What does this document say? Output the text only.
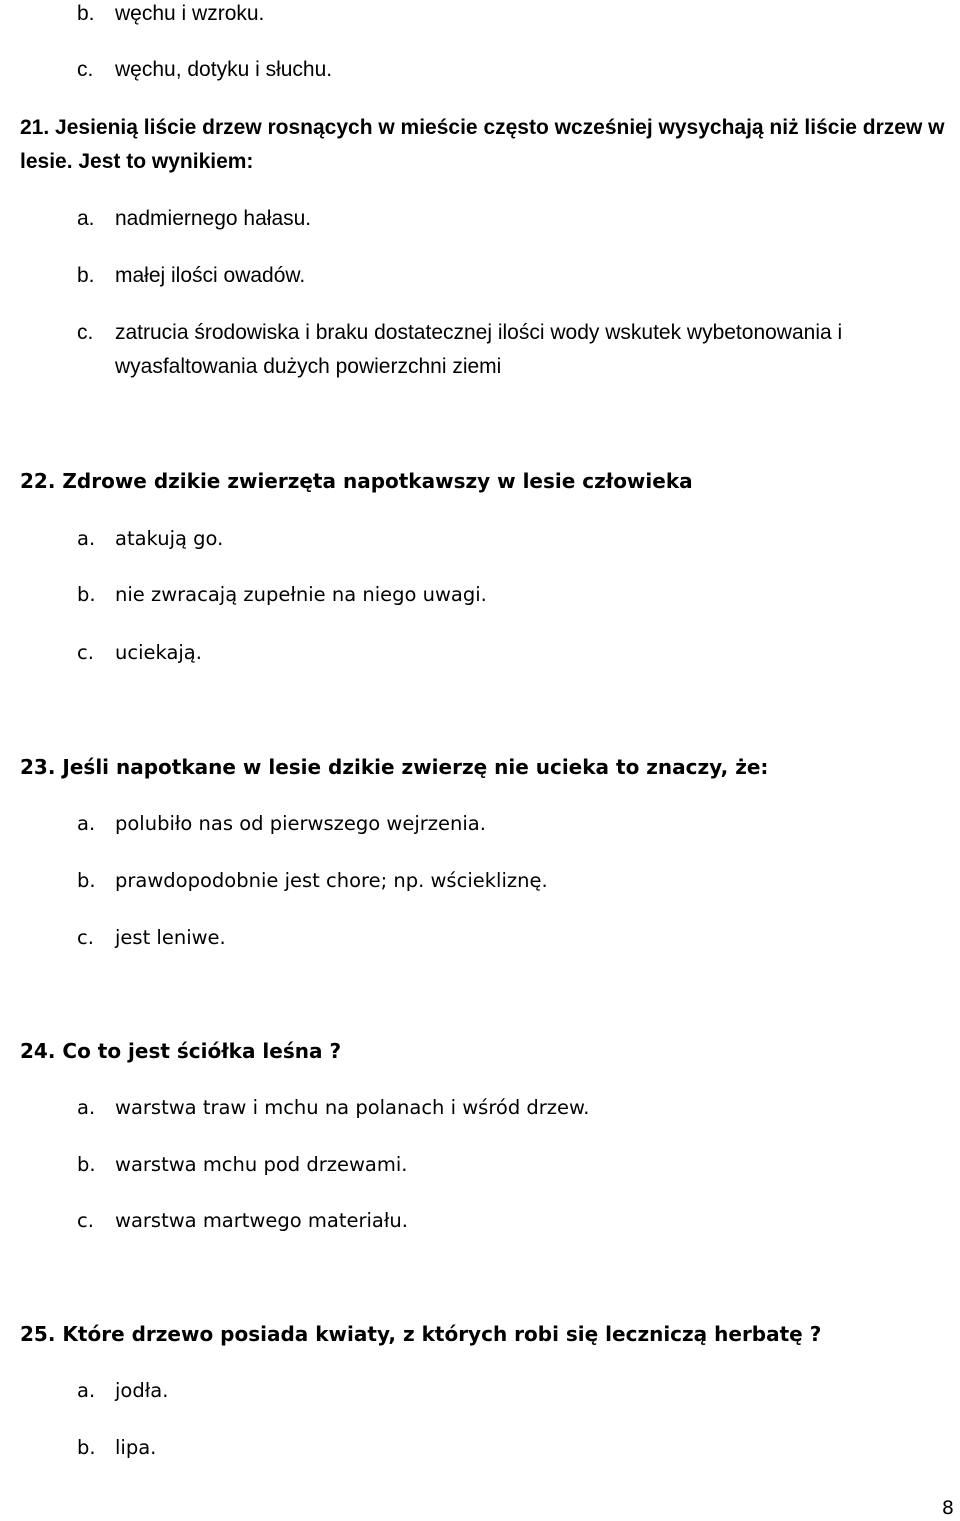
b. węchu i wzroku.
c. węchu, dotyku i słuchu.
21. Jesienią liście drzew rosnących w mieście często wcześniej wysychają niż liście drzew w
lesie. Jest to wynikiem:
a. nadmiernego hałasu.
b. małej ilości owadów.
c. zatrucia środowiska i braku dostatecznej ilości wody wskutek wybetonowania i
wyasfaltowania dużych powierzchni ziemi
22. Zdrowe dzikie zwierzęta napotkawszy w lesie człowieka
a. atakują go.
b. nie zwracają zupełnie na niego uwagi.
c. uciekają.
23. Jeśli napotkane w lesie dzikie zwierzę nie ucieka to znaczy, że:
a. polubiło nas od pierwszego wejrzenia.
b. prawdopodobnie jest chore; np. wściekliznę.
c. jest leniwe.
24. Co to jest ściółka leśna ?
a. warstwa traw i mchu na polanach i wśród drzew.
b. warstwa mchu pod drzewami.
c. warstwa martwego materiału.
25. Które drzewo posiada kwiaty, z których robi się leczniczą herbatę ?
a. jodła.
b. lipa.
8
